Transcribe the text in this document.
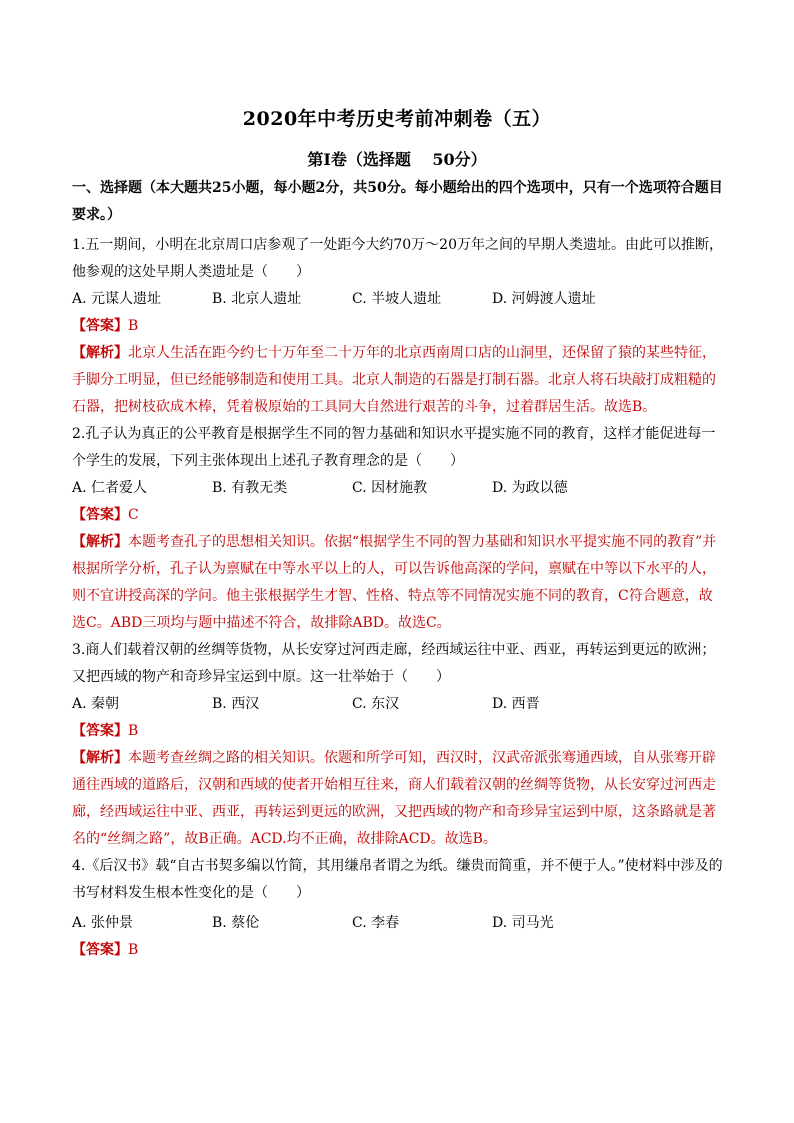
2020年中考历史考前冲刺卷（五）
第Ⅰ卷（选择题　 50分）
一、选择题（本大题共25小题，每小题2分，共50分。每小题给出的四个选项中，只有一个选项符合题目要求。）
1.五一期间，小明在北京周口店参观了一处距今大约70万～20万年之间的早期人类遗址。由此可以推断，他参观的这处早期人类遗址是（　　）
A. 元谋人遗址	B. 北京人遗址	C. 半坡人遗址	D. 河姆渡人遗址
【答案】B
【解析】北京人生活在距今约七十万年至二十万年的北京西南周口店的山洞里，还保留了猿的某些特征，手脚分工明显，但已经能够制造和使用工具。北京人制造的石器是打制石器。北京人将石块敲打成粗糙的石器，把树枝砍成木棒，凭着极原始的工具同大自然进行艰苦的斗争，过着群居生活。故选B。
2.孔子认为真正的公平教育是根据学生不同的智力基础和知识水平提实施不同的教育，这样才能促进每一个学生的发展，下列主张体现出上述孔子教育理念的是（　　）
A. 仁者爱人	B. 有教无类	C. 因材施教	D. 为政以德
【答案】C
【解析】本题考查孔子的思想相关知识。依据“根据学生不同的智力基础和知识水平提实施不同的教育”并根据所学分析，孔子认为禀赋在中等水平以上的人，可以告诉他高深的学问，禀赋在中等以下水平的人，则不宜讲授高深的学问。他主张根据学生才智、性格、特点等不同情况实施不同的教育，C符合题意，故选C。ABD三项均与题中描述不符合，故排除ABD。故选C。
3.商人们载着汉朝的丝绸等货物，从长安穿过河西走廊，经西域运往中亚、西亚，再转运到更远的欧洲；又把西域的物产和奇珍异宝运到中原。这一壮举始于（　　）
A. 秦朝	B. 西汉	C. 东汉	D. 西晋
【答案】B
【解析】本题考查丝绸之路的相关知识。依题和所学可知，西汉时，汉武帝派张骞通西域，自从张骞开辟通往西域的道路后，汉朝和西域的使者开始相互往来，商人们载着汉朝的丝绸等货物，从长安穿过河西走廊，经西域运往中亚、西亚，再转运到更远的欧洲，又把西域的物产和奇珍异宝运到中原，这条路就是著名的“丝绸之路”，故B正确。ACD.均不正确，故排除ACD。故选B。
4.《后汉书》载“自古书契多编以竹简，其用缣帛者谓之为纸。缣贵而简重，并不便于人。”使材料中涉及的书写材料发生根本性变化的是（　　）
A. 张仲景	B. 蔡伦	C. 李春	D. 司马光
【答案】B
